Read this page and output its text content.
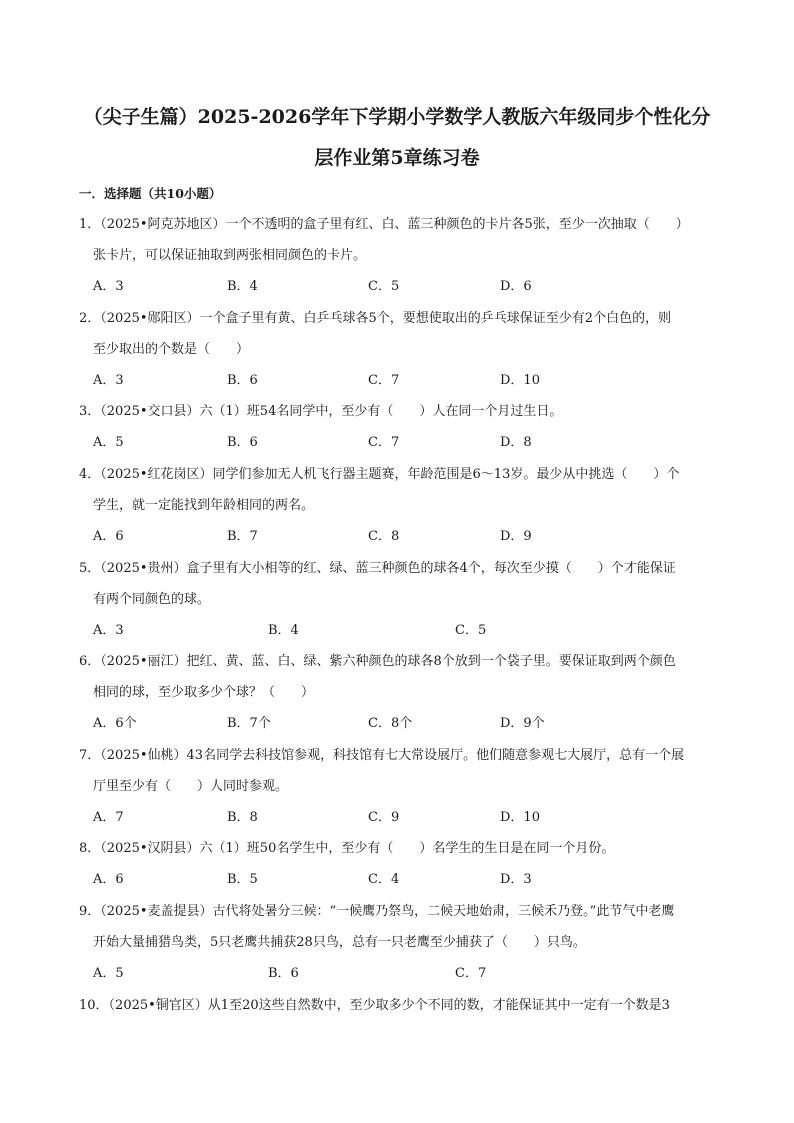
（尖子生篇）2025-2026学年下学期小学数学人教版六年级同步个性化分
层作业第5章练习卷
一．选择题（共10小题）
1．（2025•阿克苏地区）一个不透明的盒子里有红、白、蓝三种颜色的卡片各5张，至少一次抽取（　　）
张卡片，可以保证抽取到两张相同颜色的卡片。
A．3	B．4	C．5	D．6
2．（2025•郧阳区）一个盒子里有黄、白乒乓球各5个，要想使取出的乒乓球保证至少有2个白色的，则
至少取出的个数是（　　）
A．3	B．6	C．7	D．10
3．（2025•交口县）六（1）班54名同学中，至少有（　　）人在同一个月过生日。
A．5	B．6	C．7	D．8
4．（2025•红花岗区）同学们参加无人机飞行器主题赛，年龄范围是6～13岁。最少从中挑选（　　）个
学生，就一定能找到年龄相同的两名。
A．6	B．7	C．8	D．9
5．（2025•贵州）盒子里有大小相等的红、绿、蓝三种颜色的球各4个，每次至少摸（　　）个才能保证
有两个同颜色的球。
A．3	B．4	C．5
6．（2025•丽江）把红、黄、蓝、白、绿、紫六种颜色的球各8个放到一个袋子里。要保证取到两个颜色
相同的球，至少取多少个球？（　　）
A．6个	B．7个	C．8个	D．9个
7．（2025•仙桃）43名同学去科技馆参观，科技馆有七大常设展厅。他们随意参观七大展厅，总有一个展
厅里至少有（　　）人同时参观。
A．7	B．8	C．9	D．10
8．（2025•汉阴县）六（1）班50名学生中，至少有（　　）名学生的生日是在同一个月份。
A．6	B．5	C．4	D．3
9．（2025•麦盖提县）古代将处暑分三候：“一候鹰乃祭鸟，二候天地始肃，三候禾乃登。”此节气中老鹰
开始大量捕猎鸟类，5只老鹰共捕获28只鸟，总有一只老鹰至少捕获了（　　）只鸟。
A．5	B．6	C．7
10．（2025•铜官区）从1至20这些自然数中，至少取多少个不同的数，才能保证其中一定有一个数是3
